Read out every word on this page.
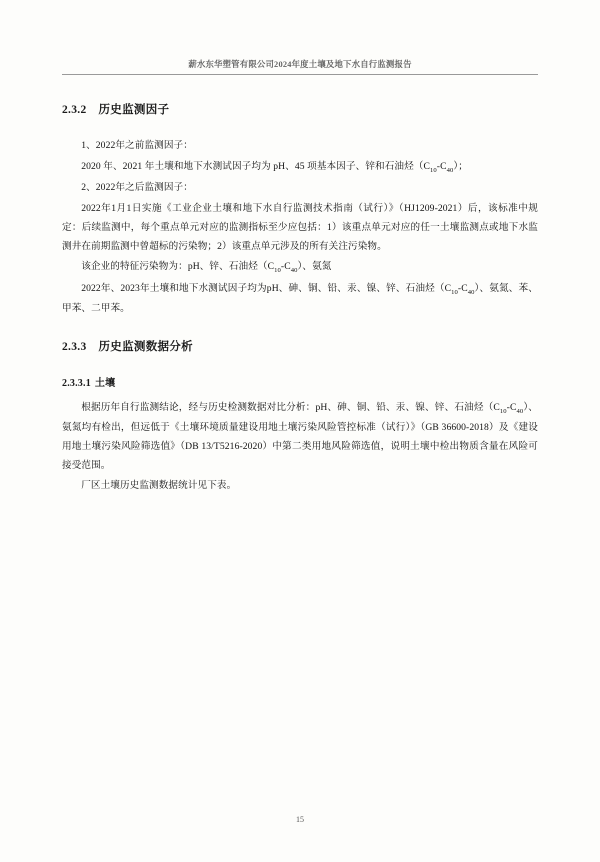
薪水东华塑管有限公司2024年度土壤及地下水自行监测报告
2.3.2 历史监测因子

1、2022年之前监测因子：

2020 年、2021 年土壤和地下水测试因子均为 pH、45 项基本因子、锌和石油烃$(C_{10}-C_{40})$；

2、2022年之后监测因子：

2022年1月1日实施《工业企业土壤和地下水自行监测技术指南（试行）》（HJ1209-2021）后，该标准中规定：后续监测中，每个重点单元对应的监测指标至少应包括：1）该重点单元对应的任一土壤监测点或地下水监测井在前期监测中曾超标的污染物；2）该重点单元涉及的所有关注污染物。

该企业的特征污染物为：pH、锌、石油烃$(C_{10}-C_{40})$、氨氮

2022年、2023年土壤和地下水测试因子均为pH、砷、铜、铅、汞、镍、锌、石油烃$(C_{10}-C_{40})$、氨氮、苯、甲苯、二甲苯。

2.3.3 历史监测数据分析
2.3.3.1 土壤

根据历年自行监测结论，经与历史检测数据对比分析：pH、砷、铜、铅、汞、镍、锌、石油烃$(C_{10}-C_{40})$、氨氮均有检出，但远低于《土壤环境质量建设用地土壤污染风险管控标准（试行）》（GB 36600-2018）及《建设用地土壤污染风险筛选值》（DB 13/T5216-2020）中第二类用地风险筛选值，说明土壤中检出物质含量在风险可接受范围。

厂区土壤历史监测数据统计见下表。

15
